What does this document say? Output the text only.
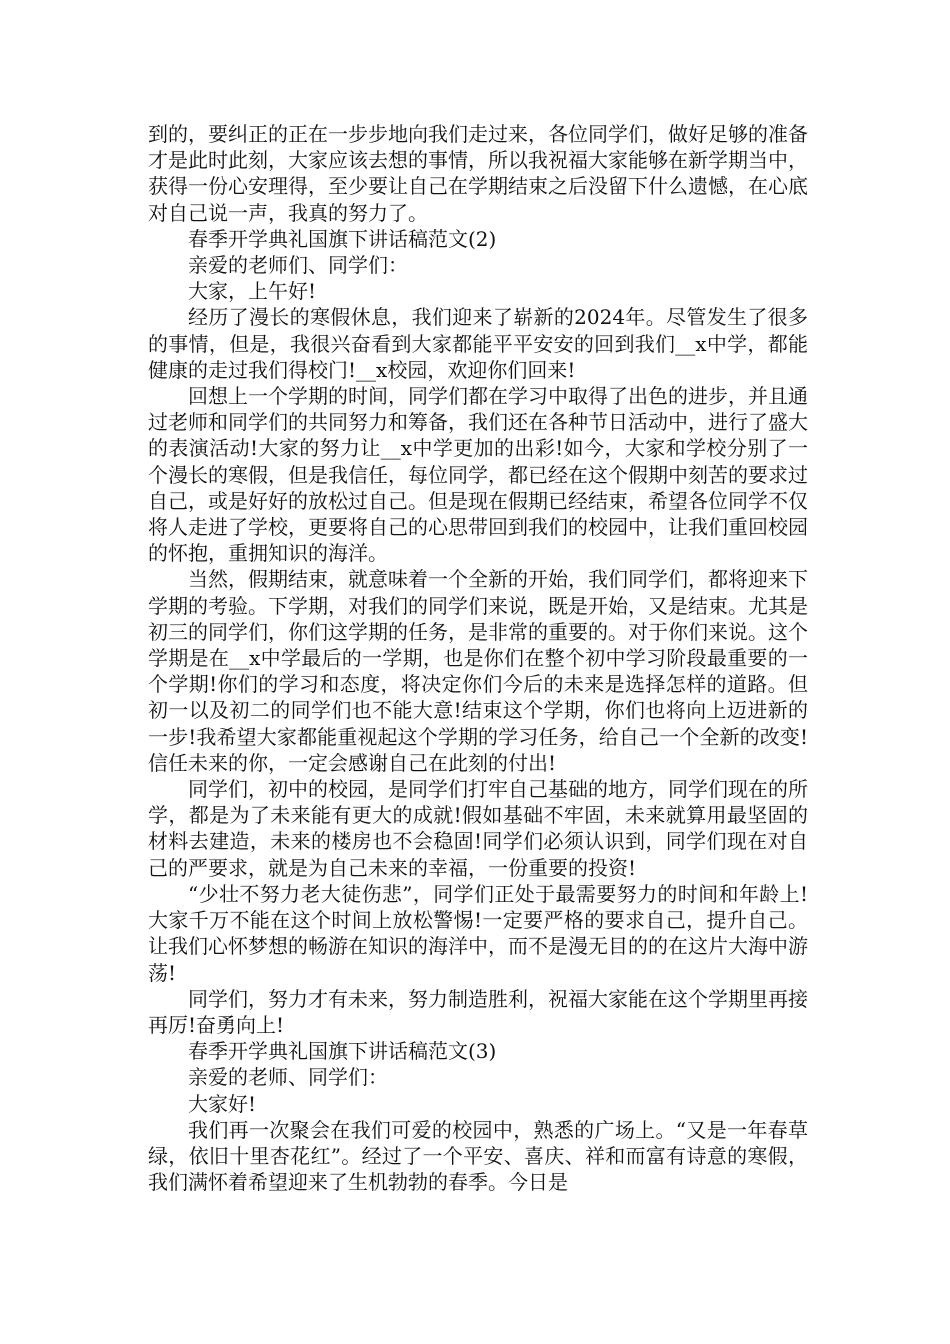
到的，要纠正的正在一步步地向我们走过来，各位同学们，做好足够的准备才是此时此刻，大家应该去想的事情，所以我祝福大家能够在新学期当中，获得一份心安理得，至少要让自己在学期结束之后没留下什么遗憾，在心底对自己说一声，我真的努力了。

春季开学典礼国旗下讲话稿范文(2)

亲爱的老师们、同学们：

大家，上午好!

经历了漫长的寒假休息，我们迎来了崭新的2024年。尽管发生了很多的事情，但是，我很兴奋看到大家都能平平安安的回到我们__x中学，都能健康的走过我们得校门!__x校园，欢迎你们回来!

回想上一个学期的时间，同学们都在学习中取得了出色的进步，并且通过老师和同学们的共同努力和筹备，我们还在各种节日活动中，进行了盛大的表演活动!大家的努力让__x中学更加的出彩!如今，大家和学校分别了一个漫长的寒假，但是我信任，每位同学，都已经在这个假期中刻苦的要求过自己，或是好好的放松过自己。但是现在假期已经结束，希望各位同学不仅将人走进了学校，更要将自己的心思带回到我们的校园中，让我们重回校园的怀抱，重拥知识的海洋。

当然，假期结束，就意味着一个全新的开始，我们同学们，都将迎来下学期的考验。下学期，对我们的同学们来说，既是开始，又是结束。尤其是初三的同学们，你们这学期的任务，是非常的重要的。对于你们来说。这个学期是在__x中学最后的一学期，也是你们在整个初中学习阶段最重要的一个学期!你们的学习和态度，将决定你们今后的未来是选择怎样的道路。但初一以及初二的同学们也不能大意!结束这个学期，你们也将向上迈进新的一步!我希望大家都能重视起这个学期的学习任务，给自己一个全新的改变!信任未来的你，一定会感谢自己在此刻的付出!

同学们，初中的校园，是同学们打牢自己基础的地方，同学们现在的所学，都是为了未来能有更大的成就!假如基础不牢固，未来就算用最坚固的材料去建造，未来的楼房也不会稳固!同学们必须认识到，同学们现在对自己的严要求，就是为自己未来的幸福，一份重要的投资!

“少壮不努力老大徒伤悲”，同学们正处于最需要努力的时间和年龄上!大家千万不能在这个时间上放松警惕!一定要严格的要求自己，提升自己。让我们心怀梦想的畅游在知识的海洋中，而不是漫无目的的在这片大海中游荡!

同学们，努力才有未来，努力制造胜利，祝福大家能在这个学期里再接再厉!奋勇向上!

春季开学典礼国旗下讲话稿范文(3)

亲爱的老师、同学们：

大家好!

我们再一次聚会在我们可爱的校园中，熟悉的广场上。“又是一年春草绿，依旧十里杏花红”。经过了一个平安、喜庆、祥和而富有诗意的寒假，我们满怀着希望迎来了生机勃勃的春季。今日是
